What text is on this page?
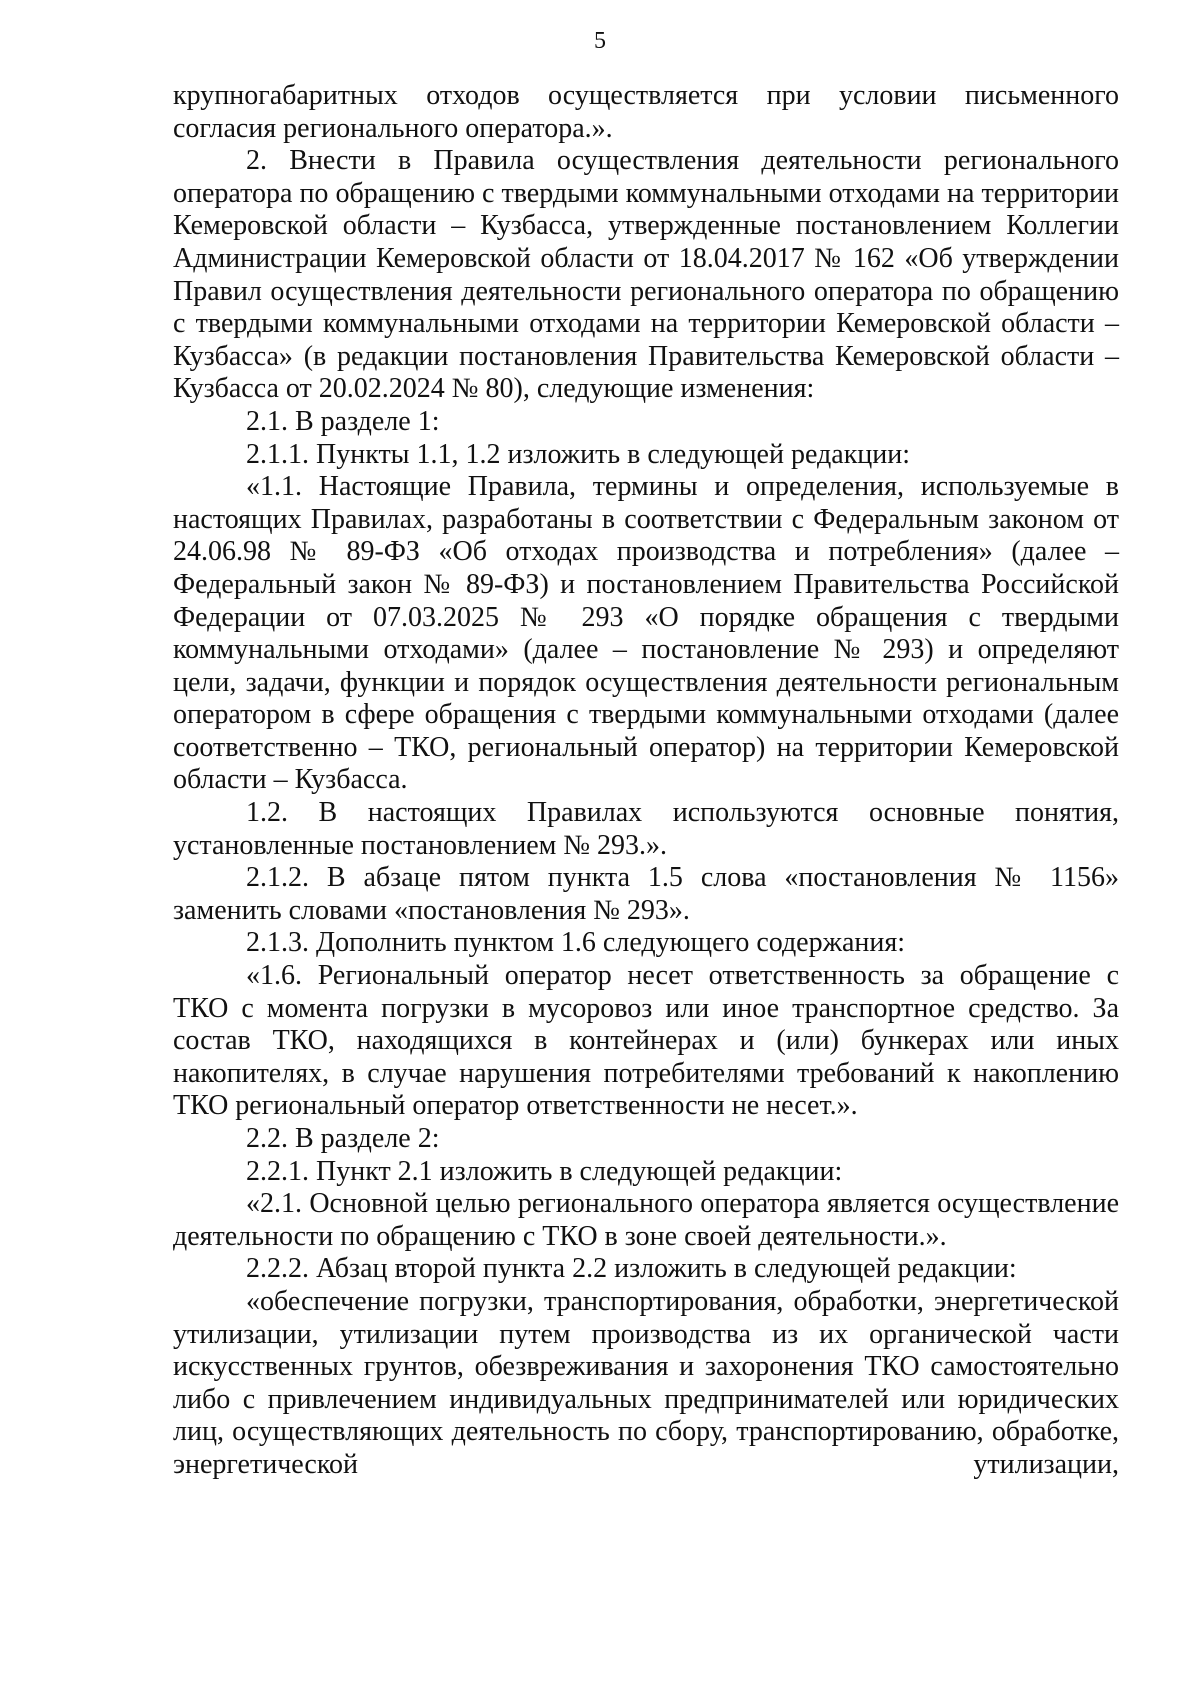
5

крупногабаритных отходов осуществляется при условии письменного согласия регионального оператора.».

2. Внести в Правила осуществления деятельности регионального оператора по обращению с твердыми коммунальными отходами на территории Кемеровской области – Кузбасса, утвержденные постановлением Коллегии Администрации Кемеровской области от 18.04.2017 № 162 «Об утверждении Правил осуществления деятельности регионального оператора по обращению с твердыми коммунальными отходами на территории Кемеровской области – Кузбасса» (в редакции постановления Правительства Кемеровской области – Кузбасса от 20.02.2024 № 80), следующие изменения:

2.1. В разделе 1:

2.1.1. Пункты 1.1, 1.2 изложить в следующей редакции:

«1.1. Настоящие Правила, термины и определения, используемые в настоящих Правилах, разработаны в соответствии с Федеральным законом от 24.06.98 № 89-ФЗ «Об отходах производства и потребления» (далее – Федеральный закон № 89-ФЗ) и постановлением Правительства Российской Федерации от 07.03.2025 № 293 «О порядке обращения с твердыми коммунальными отходами» (далее – постановление № 293) и определяют цели, задачи, функции и порядок осуществления деятельности региональным оператором в сфере обращения с твердыми коммунальными отходами (далее соответственно – ТКО, региональный оператор) на территории Кемеровской области – Кузбасса.

1.2. В настоящих Правилах используются основные понятия, установленные постановлением № 293.».

2.1.2. В абзаце пятом пункта 1.5 слова «постановления № 1156» заменить словами «постановления № 293».

2.1.3. Дополнить пунктом 1.6 следующего содержания:

«1.6. Региональный оператор несет ответственность за обращение с ТКО с момента погрузки в мусоровоз или иное транспортное средство. За состав ТКО, находящихся в контейнерах и (или) бункерах или иных накопителях, в случае нарушения потребителями требований к накоплению ТКО региональный оператор ответственности не несет.».

2.2. В разделе 2:

2.2.1. Пункт 2.1 изложить в следующей редакции:

«2.1. Основной целью регионального оператора является осуществление деятельности по обращению с ТКО в зоне своей деятельности.».

2.2.2. Абзац второй пункта 2.2 изложить в следующей редакции:

«обеспечение погрузки, транспортирования, обработки, энергетической утилизации, утилизации путем производства из их органической части искусственных грунтов, обезвреживания и захоронения ТКО самостоятельно либо с привлечением индивидуальных предпринимателей или юридических лиц, осуществляющих деятельность по сбору, транспортированию, обработке, энергетической утилизации,
